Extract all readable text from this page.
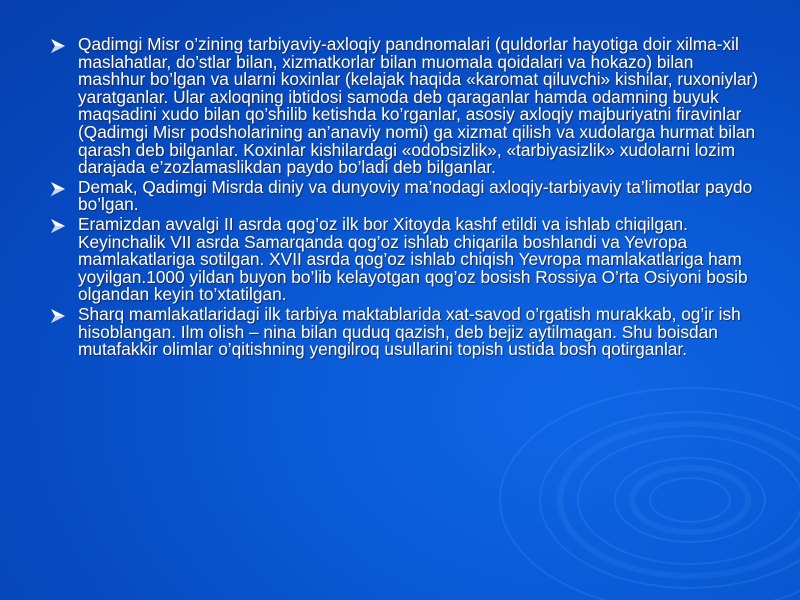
Qadimgi Misr o’zining tarbiyaviy-axloqiy pandnomalari (quldorlar hayotiga doir xilma-xil maslahatlar, do’stlar bilan, xizmatkorlar bilan muomala qoidalari va hokazo) bilan mashhur bo’lgan va ularni koxinlar (kelajak haqida «karomat qiluvchi» kishilar, ruxoniylar) yaratganlar. Ular axloqning ibtidosi samoda deb qaraganlar hamda odamning buyuk maqsadini xudo bilan qo’shilib ketishda ko’rganlar, asosiy axloqiy majburiyatni firavinlar (Qadimgi Misr podsholarining an’anaviy nomi) ga xizmat qilish va xudolarga hurmat bilan qarash deb bilganlar. Koxinlar kishilardagi «odobsizlik», «tarbiyasizlik» xudolarni lozim darajada e’zozlamaslikdan paydo bo’ladi deb bilganlar.
Demak, Qadimgi Misrda diniy va dunyoviy ma’nodagi axloqiy-tarbiyaviy ta’limotlar paydo bo’lgan.
Eramizdan avvalgi II asrda qog’oz ilk bor Xitoyda kashf etildi va ishlab chiqilgan. Keyinchalik VII asrda Samarqanda qog’oz ishlab chiqarila boshlandi va Yevropa mamlakatlariga sotilgan. XVII asrda qog’oz ishlab chiqish Yevropa mamlakatlariga ham yoyilgan.1000 yildan buyon bo’lib kelayotgan qog’oz bosish Rossiya O’rta Osiyoni bosib olgandan keyin to’xtatilgan.
Sharq mamlakatlaridagi ilk tarbiya maktablarida xat-savod o’rgatish murakkab, og’ir ish hisoblangan. Ilm olish – nina bilan quduq qazish, deb bejiz aytilmagan. Shu boisdan mutafakkir olimlar o’qitishning yengilroq usullarini topish ustida bosh qotirganlar.
